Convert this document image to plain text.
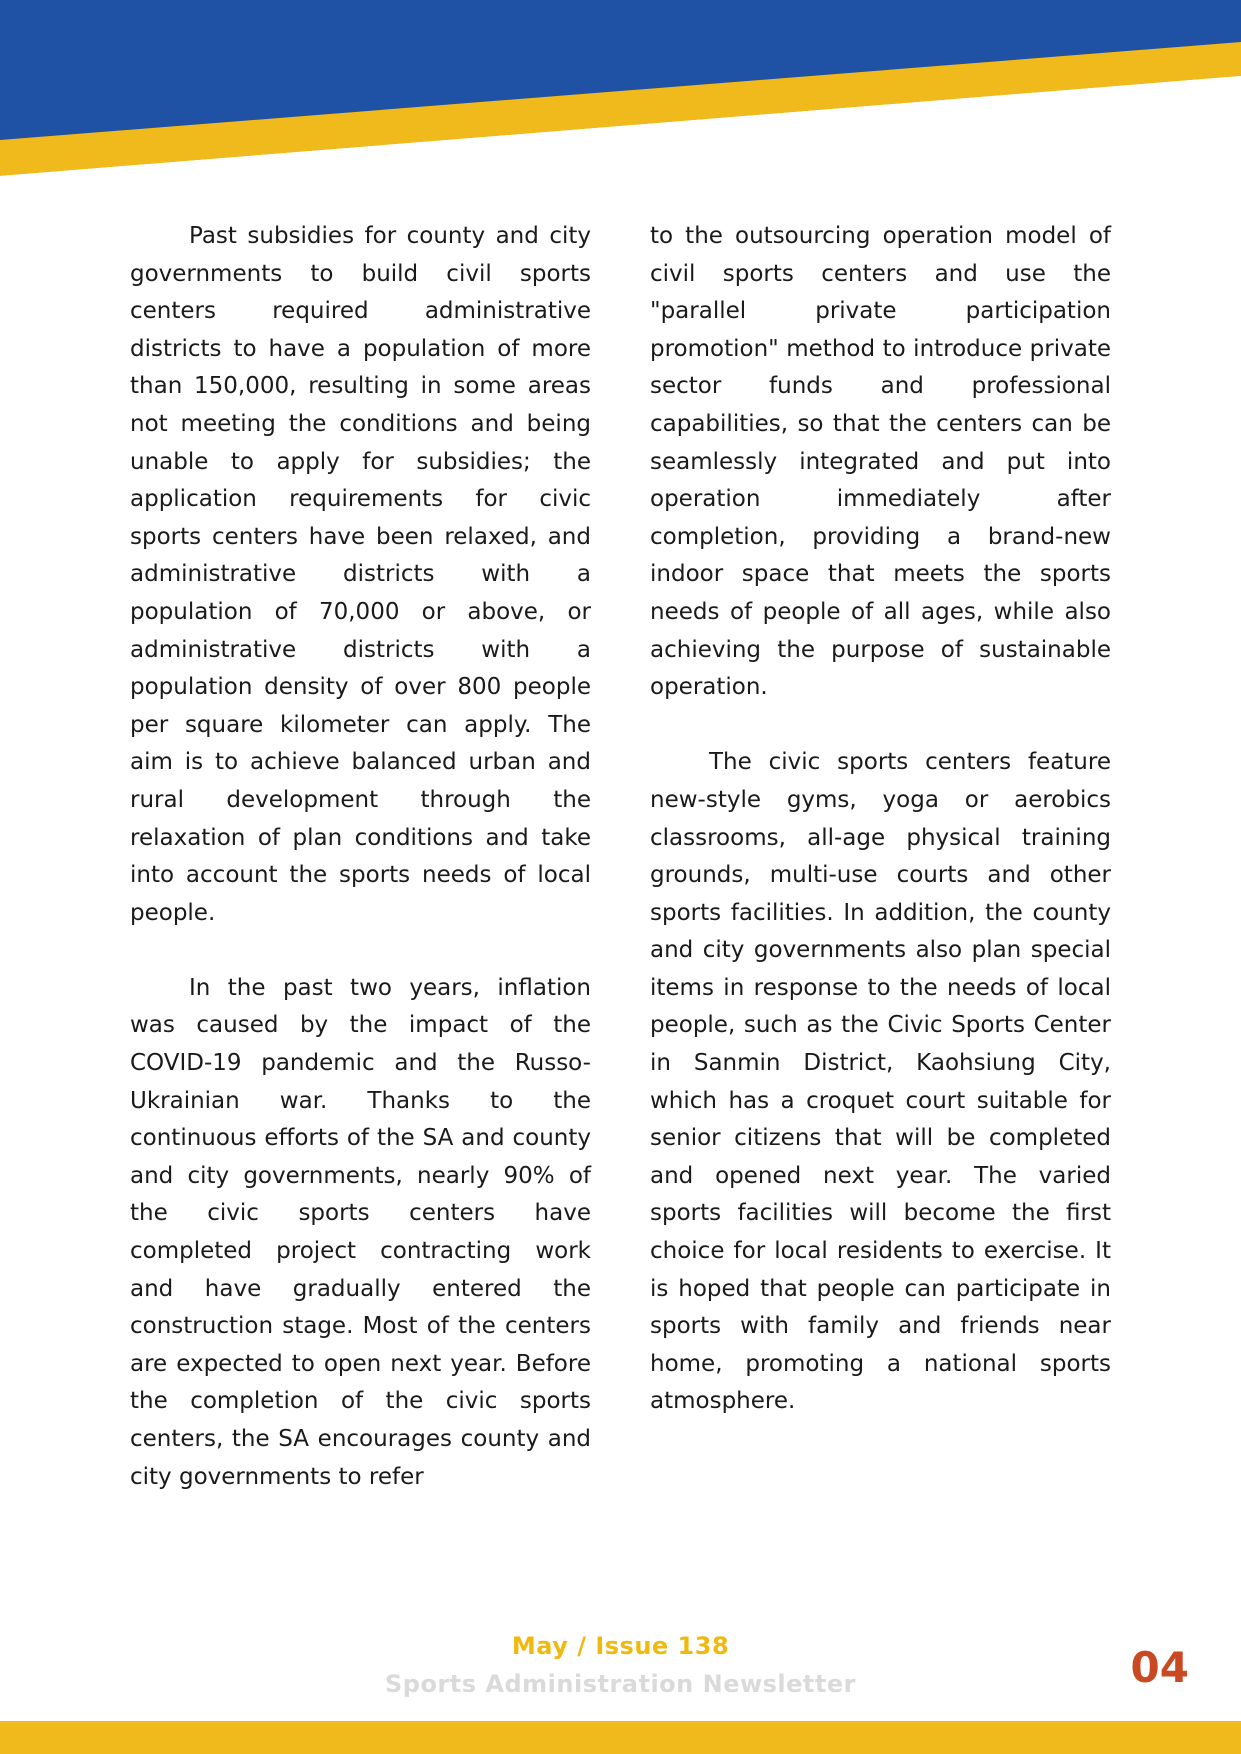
Past subsidies for county and city governments to build civil sports centers required administrative districts to have a population of more than 150,000, resulting in some areas not meeting the conditions and being unable to apply for subsidies; the application requirements for civic sports centers have been relaxed, and administrative districts with a population of 70,000 or above, or administrative districts with a population density of over 800 people per square kilometer can apply. The aim is to achieve balanced urban and rural development through the relaxation of plan conditions and take into account the sports needs of local people.

In the past two years, inflation was caused by the impact of the COVID-19 pandemic and the Russo-Ukrainian war. Thanks to the continuous efforts of the SA and county and city governments, nearly 90% of the civic sports centers have completed project contracting work and have gradually entered the construction stage. Most of the centers are expected to open next year. Before the completion of the civic sports centers, the SA encourages county and city governments to refer

to the outsourcing operation model of civil sports centers and use the "parallel private participation promotion" method to introduce private sector funds and professional capabilities, so that the centers can be seamlessly integrated and put into operation immediately after completion, providing a brand-new indoor space that meets the sports needs of people of all ages, while also achieving the purpose of sustainable operation.

The civic sports centers feature new-style gyms, yoga or aerobics classrooms, all-age physical training grounds, multi-use courts and other sports facilities. In addition, the county and city governments also plan special items in response to the needs of local people, such as the Civic Sports Center in Sanmin District, Kaohsiung City, which has a croquet court suitable for senior citizens that will be completed and opened next year. The varied sports facilities will become the first choice for local residents to exercise. It is hoped that people can participate in sports with family and friends near home, promoting a national sports atmosphere.

May / Issue 138
Sports Administration Newsletter	04
